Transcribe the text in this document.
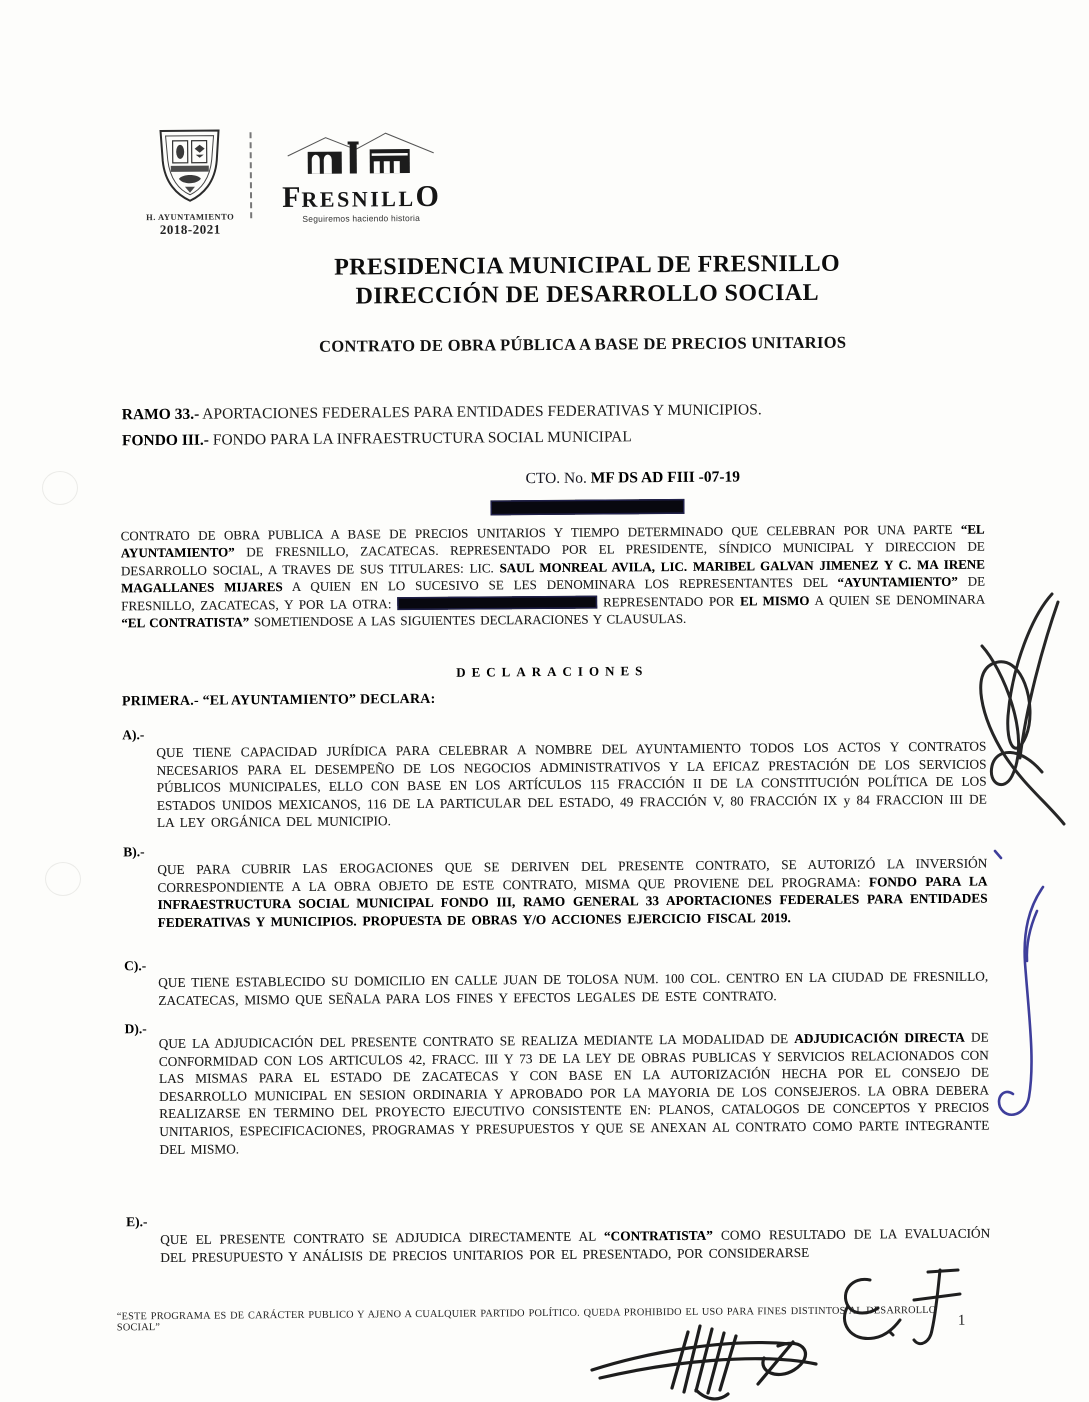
H. AYUNTAMIENTO
2018-2021
FRESNILLO
Seguiremos haciendo historia
PRESIDENCIA MUNICIPAL DE FRESNILLO
DIRECCIÓN DE DESARROLLO SOCIAL
CONTRATO DE OBRA PÚBLICA A BASE DE PRECIOS UNITARIOS
RAMO 33.- APORTACIONES FEDERALES PARA ENTIDADES FEDERATIVAS Y MUNICIPIOS.
FONDO III.- FONDO PARA LA INFRAESTRUCTURA SOCIAL MUNICIPAL
CTO. No. MF DS AD FIII -07-19
CONTRATO DE OBRA PUBLICA A BASE DE PRECIOS UNITARIOS Y TIEMPO DETERMINADO QUE CELEBRAN POR UNA PARTE “EL AYUNTAMIENTO” DE FRESNILLO, ZACATECAS. REPRESENTADO POR EL PRESIDENTE, SÍNDICO MUNICIPAL Y DIRECCION DE DESARROLLO SOCIAL, A TRAVES DE SUS TITULARES: LIC. SAUL MONREAL AVILA, LIC. MARIBEL GALVAN JIMENEZ Y C. MA IRENE MAGALLANES MIJARES A QUIEN EN LO SUCESIVO SE LES DENOMINARA LOS REPRESENTANTES DEL “AYUNTAMIENTO” DE FRESNILLO, ZACATECAS, Y POR LA OTRA:	REPRESENTADO POR EL MISMO A QUIEN SE DENOMINARA “EL CONTRATISTA” SOMETIENDOSE A LAS SIGUIENTES DECLARACIONES Y CLAUSULAS.
DECLARACIONES
PRIMERA.- “EL AYUNTAMIENTO” DECLARA:
A).-
QUE TIENE CAPACIDAD JURÍDICA PARA CELEBRAR A NOMBRE DEL AYUNTAMIENTO TODOS LOS ACTOS Y CONTRATOS NECESARIOS PARA EL DESEMPEÑO DE LOS NEGOCIOS ADMINISTRATIVOS Y LA EFICAZ PRESTACIÓN DE LOS SERVICIOS PÚBLICOS MUNICIPALES, ELLO CON BASE EN LOS ARTÍCULOS 115 FRACCIÓN II DE LA CONSTITUCIÓN POLÍTICA DE LOS ESTADOS UNIDOS MEXICANOS, 116 DE LA PARTICULAR DEL ESTADO, 49 FRACCIÓN V, 80 FRACCIÓN IX y 84 FRACCION III DE LA LEY ORGÁNICA DEL MUNICIPIO.
B).-
QUE PARA CUBRIR LAS EROGACIONES QUE SE DERIVEN DEL PRESENTE CONTRATO, SE AUTORIZÓ LA INVERSIÓN CORRESPONDIENTE A LA OBRA OBJETO DE ESTE CONTRATO, MISMA QUE PROVIENE DEL PROGRAMA: FONDO PARA LA INFRAESTRUCTURA SOCIAL MUNICIPAL FONDO III, RAMO GENERAL 33 APORTACIONES FEDERALES PARA ENTIDADES FEDERATIVAS Y MUNICIPIOS. PROPUESTA DE OBRAS Y/O ACCIONES EJERCICIO FISCAL 2019.
C).-
QUE TIENE ESTABLECIDO SU DOMICILIO EN CALLE JUAN DE TOLOSA NUM. 100 COL. CENTRO EN LA CIUDAD DE FRESNILLO, ZACATECAS, MISMO QUE SEÑALA PARA LOS FINES Y EFECTOS LEGALES DE ESTE CONTRATO.
D).-
QUE LA ADJUDICACIÓN DEL PRESENTE CONTRATO SE REALIZA MEDIANTE LA MODALIDAD DE ADJUDICACIÓN DIRECTA DE CONFORMIDAD CON LOS ARTICULOS 42, FRACC. III Y 73 DE LA LEY DE OBRAS PUBLICAS Y SERVICIOS RELACIONADOS CON LAS MISMAS PARA EL ESTADO DE ZACATECAS Y CON BASE EN LA AUTORIZACIÓN HECHA POR EL CONSEJO DE DESARROLLO MUNICIPAL EN SESION ORDINARIA Y APROBADO POR LA MAYORIA DE LOS CONSEJEROS. LA OBRA DEBERA REALIZARSE EN TERMINO DEL PROYECTO EJECUTIVO CONSISTENTE EN: PLANOS, CATALOGOS DE CONCEPTOS Y PRECIOS UNITARIOS, ESPECIFICACIONES, PROGRAMAS Y PRESUPUESTOS Y QUE SE ANEXAN AL CONTRATO COMO PARTE INTEGRANTE DEL MISMO.
E).-
QUE EL PRESENTE CONTRATO SE ADJUDICA DIRECTAMENTE AL “CONTRATISTA” COMO RESULTADO DE LA EVALUACIÓN DEL PRESUPUESTO Y ANÁLISIS DE PRECIOS UNITARIOS POR EL PRESENTADO, POR CONSIDERARSE
“ESTE PROGRAMA ES DE CARÁCTER PUBLICO Y AJENO A CUALQUIER PARTIDO POLÍTICO. QUEDA PROHIBIDO EL USO PARA FINES DISTINTOS AL DESARROLLO SOCIAL”	1
